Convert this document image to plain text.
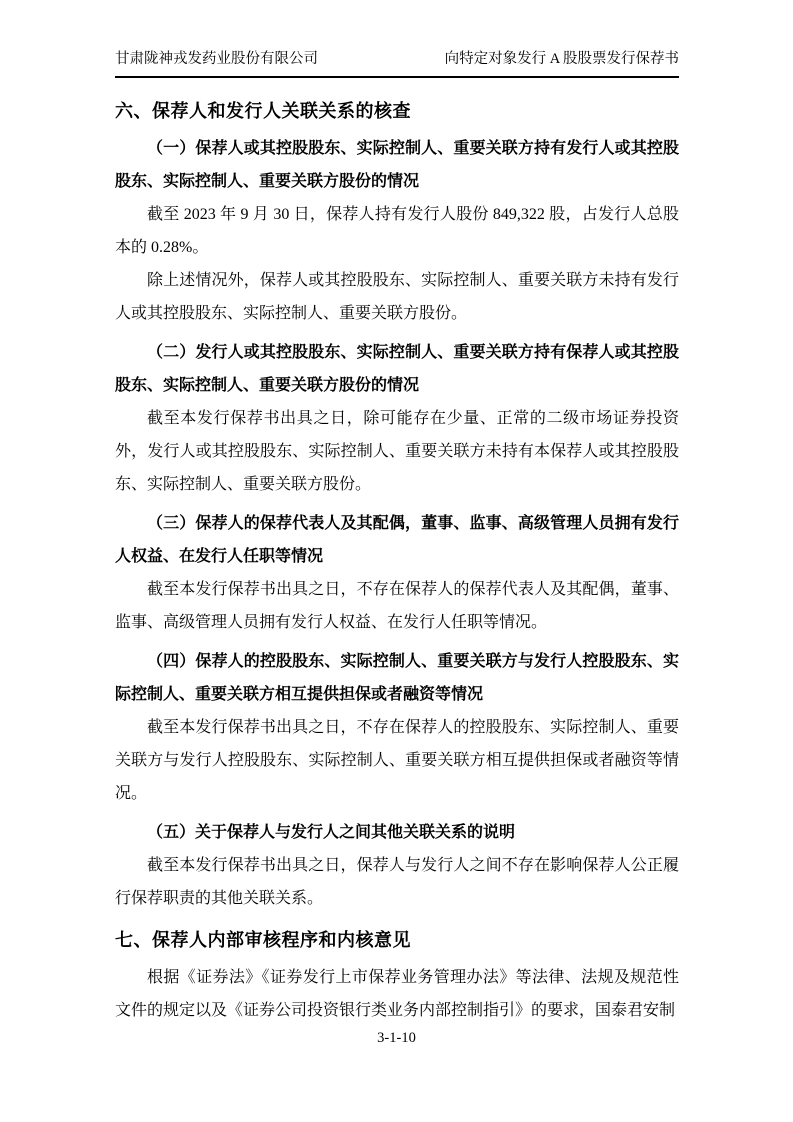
甘肃陇神戎发药业股份有限公司	向特定对象发行 A 股股票发行保荐书
六、保荐人和发行人关联关系的核查
（一）保荐人或其控股股东、实际控制人、重要关联方持有发行人或其控股股东、实际控制人、重要关联方股份的情况

截至 2023 年 9 月 30 日，保荐人持有发行人股份 849,322 股，占发行人总股本的 0.28%。

除上述情况外，保荐人或其控股股东、实际控制人、重要关联方未持有发行人或其控股股东、实际控制人、重要关联方股份。

（二）发行人或其控股股东、实际控制人、重要关联方持有保荐人或其控股股东、实际控制人、重要关联方股份的情况

截至本发行保荐书出具之日，除可能存在少量、正常的二级市场证券投资外，发行人或其控股股东、实际控制人、重要关联方未持有本保荐人或其控股股东、实际控制人、重要关联方股份。

（三）保荐人的保荐代表人及其配偶，董事、监事、高级管理人员拥有发行人权益、在发行人任职等情况

截至本发行保荐书出具之日，不存在保荐人的保荐代表人及其配偶，董事、监事、高级管理人员拥有发行人权益、在发行人任职等情况。

（四）保荐人的控股股东、实际控制人、重要关联方与发行人控股股东、实际控制人、重要关联方相互提供担保或者融资等情况

截至本发行保荐书出具之日，不存在保荐人的控股股东、实际控制人、重要关联方与发行人控股股东、实际控制人、重要关联方相互提供担保或者融资等情况。

（五）关于保荐人与发行人之间其他关联关系的说明

截至本发行保荐书出具之日，保荐人与发行人之间不存在影响保荐人公正履行保荐职责的其他关联关系。

七、保荐人内部审核程序和内核意见

根据《证券法》《证券发行上市保荐业务管理办法》等法律、法规及规范性文件的规定以及《证券公司投资银行类业务内部控制指引》的要求，国泰君安制

3-1-10
